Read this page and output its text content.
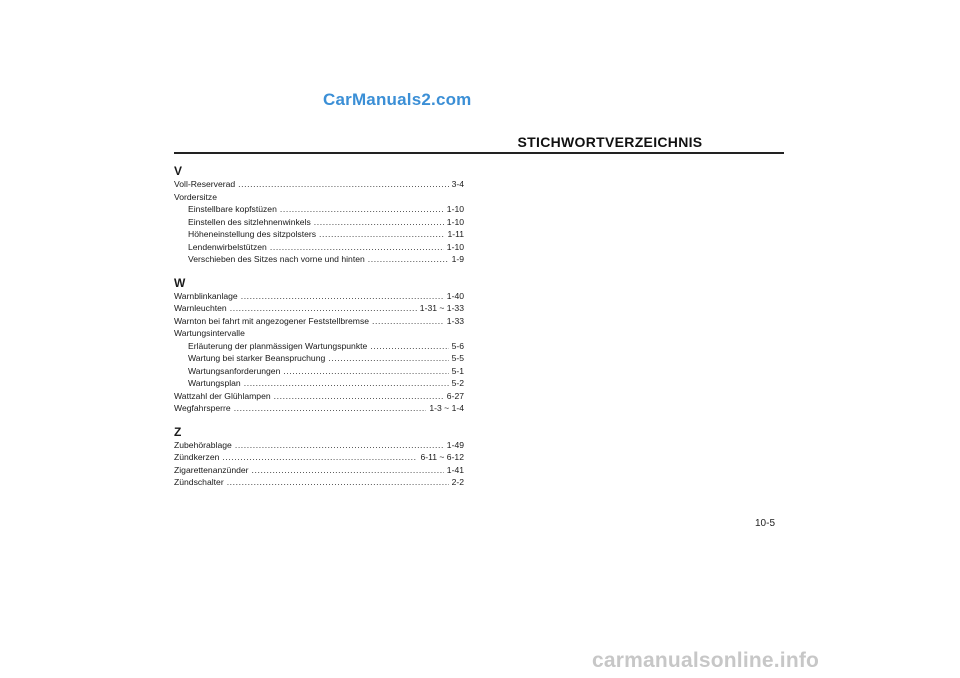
CarManuals2.com
STICHWORTVERZEICHNIS
V
Voll-Reserverad .....	3-4
Vordersitze
Einstellbare kopfstüzen .....	1-10
Einstellen des sitzlehnenwinkels .....	1-10
Höheneinstellung des sitzpolsters .....	1-11
Lendenwirbelstützen .....	1-10
Verschieben des Sitzes nach vorne und hinten .....	1-9
W
Warnblinkanlage .....	1-40
Warnleuchten .....	1-31 ~ 1-33
Warnton bei fahrt mit angezogener Feststellbremse .....	1-33
Wartungsintervalle
Erläuterung der planmässigen Wartungspunkte .....	5-6
Wartung bei starker Beanspruchung .....	5-5
Wartungsanforderungen .....	5-1
Wartungsplan .....	5-2
Wattzahl der Glühlampen .....	6-27
Wegfahrsperre .....	1-3 ~ 1-4
Z
Zubehörablage .....	1-49
Zündkerzen .....	6-11 ~ 6-12
Zigarettenanzünder .....	1-41
Zündschalter .....	2-2
10-5
carmanualsonline.info
